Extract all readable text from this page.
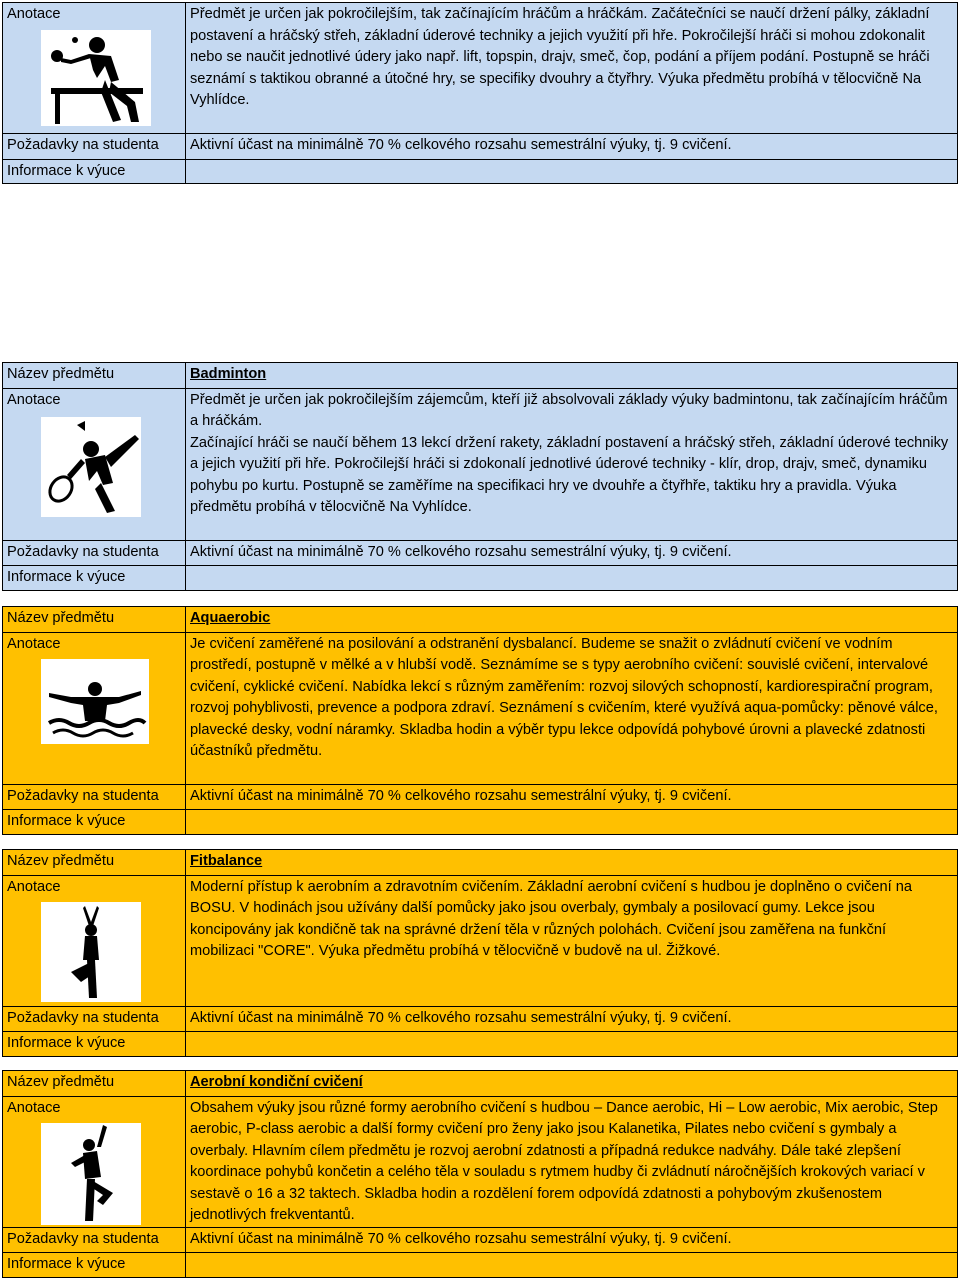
Anotace	Předmět je určen jak pokročilejším, tak začínajícím hráčům a hráčkám. Začátečníci se naučí držení pálky, základní postavení a hráčský střeh, základní úderové techniky a jejich využití při hře. Pokročilejší hráči si mohou zdokonalit nebo se naučit jednotlivé údery jako např. lift, topspin, drajv, smeč, čop, podání a příjem podání. Postupně se hráči seznámí s taktikou obranné a útočné hry, se specifiky dvouhry a čtyřhry. Výuka předmětu probíhá v tělocvičně Na Vyhlídce.
Požadavky na studenta	Aktivní účast na minimálně 70 % celkového rozsahu semestrální výuky, tj. 9 cvičení.
Informace k výuce
Název předmětu	Badminton
Anotace	Předmět je určen jak pokročilejším zájemcům, kteří již absolvovali základy výuky badmintonu, tak začínajícím hráčům a hráčkám.
Začínající hráči se naučí během 13 lekcí držení rakety, základní postavení a hráčský střeh, základní úderové techniky a jejich využití při hře. Pokročilejší hráči si zdokonalí jednotlivé úderové techniky - klír, drop, drajv, smeč, dynamiku pohybu po kurtu. Postupně se zaměříme na specifikaci hry ve dvouhře a čtyřhře, taktiku hry a pravidla. Výuka předmětu probíhá v tělocvičně Na Vyhlídce.
Požadavky na studenta	Aktivní účast na minimálně 70 % celkového rozsahu semestrální výuky, tj. 9 cvičení.
Informace k výuce
Název předmětu	Aquaerobic
Anotace	Je cvičení zaměřené na posilování a odstranění dysbalancí. Budeme se snažit o zvládnutí cvičení ve vodním prostředí, postupně v mělké a v hlubší vodě. Seznámíme se s typy aerobního cvičení: souvislé cvičení, intervalové cvičení, cyklické cvičení. Nabídka lekcí s různým zaměřením: rozvoj silových schopností, kardiorespirační program, rozvoj pohyblivosti, prevence a podpora zdraví. Seznámení s cvičením, které využívá aqua-pomůcky: pěnové válce, plavecké desky, vodní náramky. Skladba hodin a výběr typu lekce odpovídá pohybové úrovni a plavecké zdatnosti účastníků předmětu.
Požadavky na studenta	Aktivní účast na minimálně 70 % celkového rozsahu semestrální výuky, tj. 9 cvičení.
Informace k výuce
Název předmětu	Fitbalance
Anotace	Moderní přístup k aerobním a zdravotním cvičením. Základní aerobní cvičení s hudbou je doplněno o cvičení na BOSU. V hodinách jsou užívány další pomůcky jako jsou overbaly, gymbaly a posilovací gumy. Lekce jsou koncipovány jak kondičně tak na správné držení těla v různých polohách. Cvičení jsou zaměřena na funkční mobilizaci "CORE". Výuka předmětu probíhá v tělocvičně v budově na ul. Žižkové.
Požadavky na studenta	Aktivní účast na minimálně 70 % celkového rozsahu semestrální výuky, tj. 9 cvičení.
Informace k výuce
Název předmětu	Aerobní kondiční cvičení
Anotace	Obsahem výuky jsou různé formy aerobního cvičení s hudbou – Dance aerobic, Hi – Low aerobic, Mix aerobic, Step aerobic, P-class aerobic a další formy cvičení pro ženy jako jsou Kalanetika, Pilates nebo cvičení s gymbaly a overbaly. Hlavním cílem předmětu je rozvoj aerobní zdatnosti a případná redukce nadváhy. Dále také zlepšení koordinace pohybů končetin a celého těla v souladu s rytmem hudby či zvládnutí náročnějších krokových variací v sestavě o 16 a 32 taktech. Skladba hodin a rozdělení forem odpovídá zdatnosti a pohybovým zkušenostem jednotlivých frekventantů.
Požadavky na studenta	Aktivní účast na minimálně 70 % celkového rozsahu semestrální výuky, tj. 9 cvičení.
Informace k výuce
